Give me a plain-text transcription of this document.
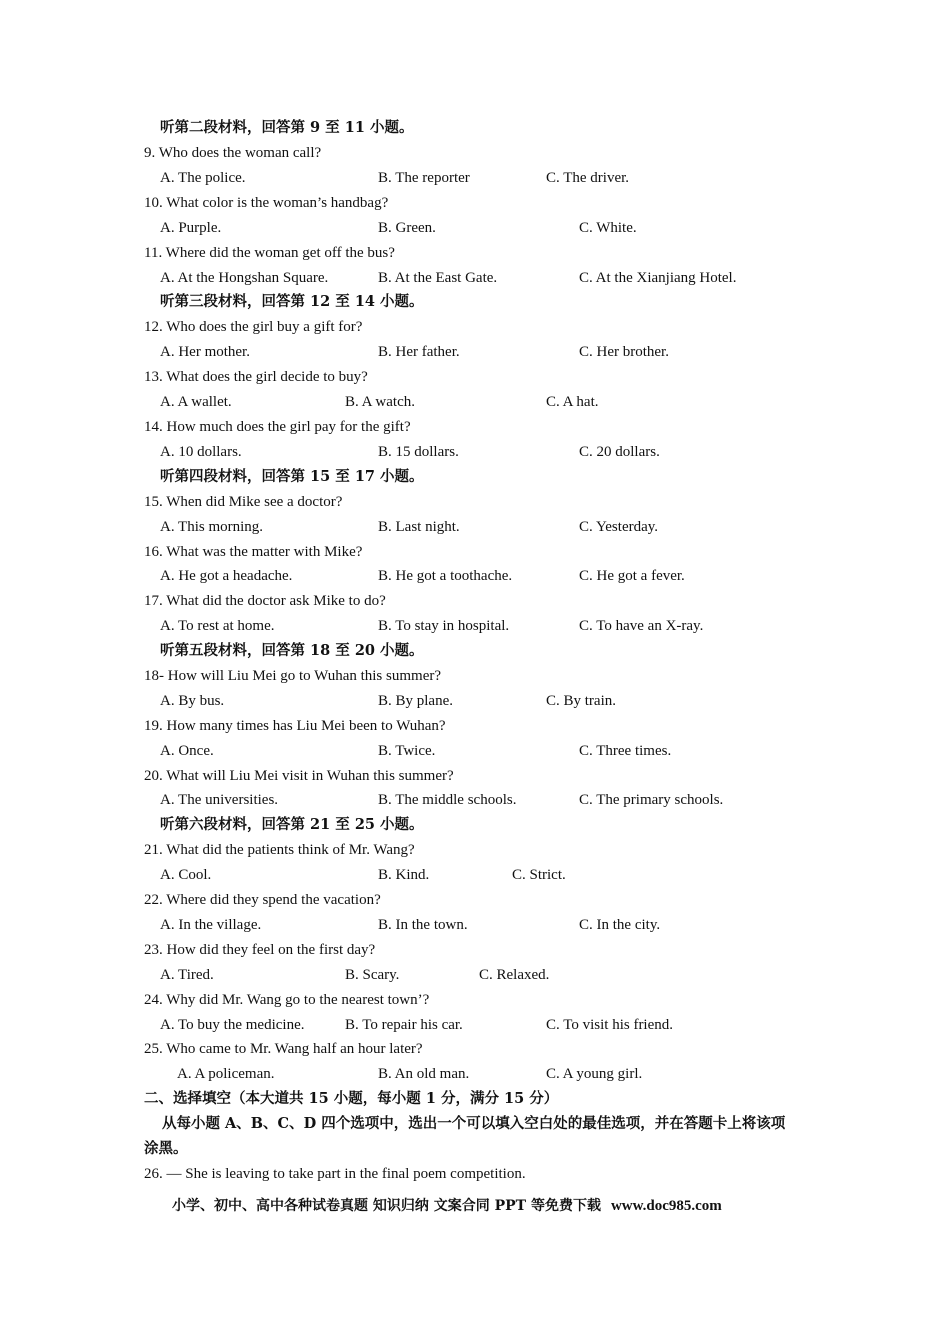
听第二段材料，回答第 9 至 11 小题。
9. Who does the woman call?
A. The police.	B. The reporter	C. The driver.
10. What color is the woman’s handbag?
A. Purple.	B. Green.	C. White.
11. Where did the woman get off the bus?
A. At the Hongshan Square.	B. At the East Gate.	C. At the Xianjiang Hotel.
听第三段材料，回答第 12 至 14 小题。
12. Who does the girl buy a gift for?
A. Her mother.	B. Her father.	C. Her brother.
13. What does the girl decide to buy?
A. A wallet.	B. A watch.	C. A hat.
14. How much does the girl pay for the gift?
A. 10 dollars.	B. 15 dollars.	C. 20 dollars.
听第四段材料，回答第 15 至 17 小题。
15. When did Mike see a doctor?
A. This morning.	B. Last night.	C. Yesterday.
16. What was the matter with Mike?
A. He got a headache.	B. He got a toothache.	C. He got a fever.
17. What did the doctor ask Mike to do?
A. To rest at home.	B. To stay in hospital.	C. To have an X-ray.
听第五段材料，回答第 18 至 20 小题。
18- How will Liu Mei go to Wuhan this summer?
A. By bus.	B. By plane.	C. By train.
19. How many times has Liu Mei been to Wuhan?
A. Once.	B. Twice.	C. Three times.
20. What will Liu Mei visit in Wuhan this summer?
A. The universities.	B. The middle schools.	C. The primary schools.
听第六段材料，回答第 21 至 25 小题。
21. What did the patients think of Mr. Wang?
A. Cool.	B. Kind.	C. Strict.
22. Where did they spend the vacation?
A. In the village.	B. In the town.	C. In the city.
23. How did they feel on the first day?
A. Tired.	B. Scary.	C. Relaxed.
24. Why did Mr. Wang go to the nearest town’?
A. To buy the medicine.	B. To repair his car.	C. To visit his friend.
25. Who came to Mr. Wang half an hour later?
A. A policeman.	B. An old man.	C. A young girl.
二、选择填空（本大道共 15 小题，每小题 1 分，满分 15 分）
从每小题 A、B、C、D 四个选项中，选出一个可以填入空白处的最佳选项，并在答题卡上将该项涂黑。
26. — She is leaving to take part in the final poem competition.
小学、初中、高中各种试卷真题 知识归纳 文案合同 PPT 等免费下载 www.doc985.com
